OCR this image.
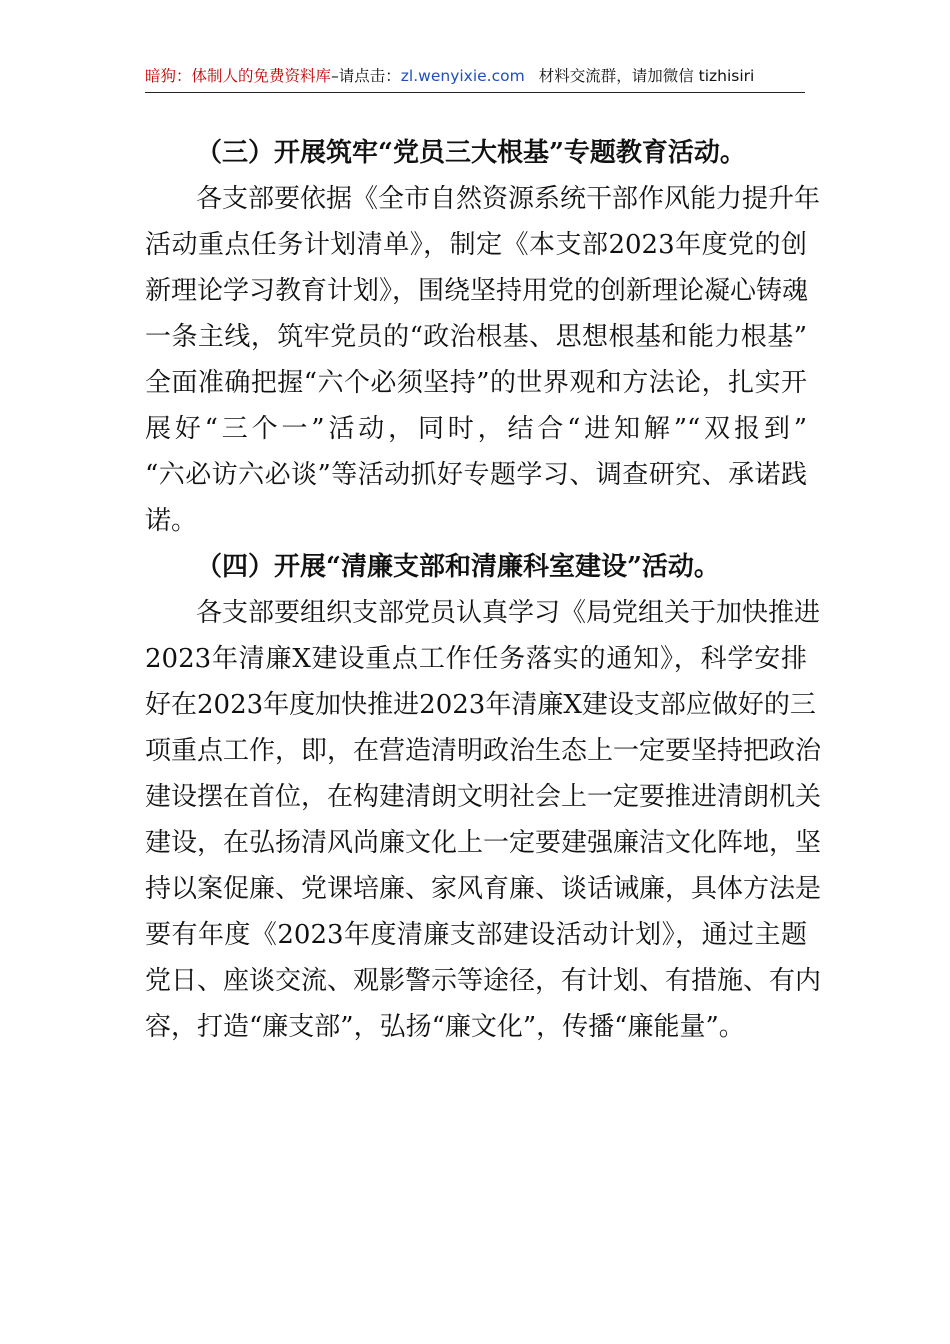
暗狗：体制人的免费资料库–请点击：zl.wenyixie.com 材料交流群，请加微信 tizhisiri
（三）开展筑牢“党员三大根基”专题教育活动。
各支部要依据《全市自然资源系统干部作风能力提升年
活动重点任务计划清单》，制定《本支部2023年度党的创
新理论学习教育计划》，围绕坚持用党的创新理论凝心铸魂
一条主线，筑牢党员的“政治根基、思想根基和能力根基”
全面准确把握“六个必须坚持”的世界观和方法论，扎实开
展好“三个一”活动，同时，结合“进知解”“双报到”
“六必访六必谈”等活动抓好专题学习、调查研究、承诺践
诺。
（四）开展“清廉支部和清廉科室建设”活动。
各支部要组织支部党员认真学习《局党组关于加快推进
2023年清廉X建设重点工作任务落实的通知》，科学安排
好在2023年度加快推进2023年清廉X建设支部应做好的三
项重点工作，即，在营造清明政治生态上一定要坚持把政治
建设摆在首位，在构建清朗文明社会上一定要推进清朗机关
建设，在弘扬清风尚廉文化上一定要建强廉洁文化阵地，坚
持以案促廉、党课培廉、家风育廉、谈话诫廉，具体方法是
要有年度《2023年度清廉支部建设活动计划》，通过主题
党日、座谈交流、观影警示等途径，有计划、有措施、有内
容，打造“廉支部”，弘扬“廉文化”，传播“廉能量”。
